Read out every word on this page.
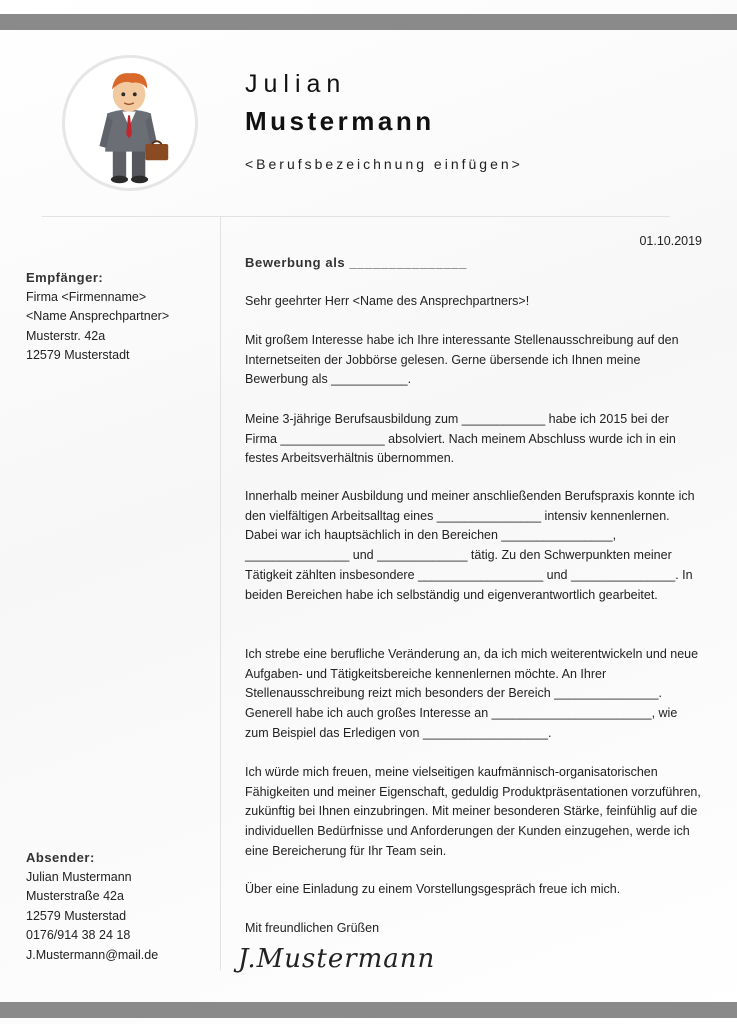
Julian
Mustermann
<Berufsbezeichnung einfügen>
Empfänger:
Firma <Firmenname>
<Name Ansprechpartner>
Musterstr. 42a
12579 Musterstadt
Absender:
Julian Mustermann
Musterstraße 42a
12579 Musterstad
0176/914 38 24 18
J.Mustermann@mail.de
01.10.2019
Bewerbung als _______________
Sehr geehrter Herr <Name des Ansprechpartners>!
Mit großem Interesse habe ich Ihre interessante Stellenausschreibung auf den Internetseiten der Jobbörse gelesen. Gerne übersende ich Ihnen meine Bewerbung als ___________.
Meine 3-jährige Berufsausbildung zum ____________ habe ich 2015 bei der Firma _______________ absolviert. Nach meinem Abschluss wurde ich in ein festes Arbeitsverhältnis übernommen.
Innerhalb meiner Ausbildung und meiner anschließenden Berufspraxis konnte ich den vielfältigen Arbeitsalltag eines _______________ intensiv kennenlernen. Dabei war ich hauptsächlich in den Bereichen ________________, _______________ und _____________ tätig. Zu den Schwerpunkten meiner Tätigkeit zählten insbesondere __________________ und _______________. In beiden Bereichen habe ich selbständig und eigenverantwortlich gearbeitet.
Ich strebe eine berufliche Veränderung an, da ich mich weiterentwickeln und neue Aufgaben- und Tätigkeitsbereiche kennenlernen möchte. An Ihrer Stellenausschreibung reizt mich besonders der Bereich _______________. Generell habe ich auch großes Interesse an _______________________, wie zum Beispiel das Erledigen von __________________.
Ich würde mich freuen, meine vielseitigen kaufmännisch-organisatorischen Fähigkeiten und meiner Eigenschaft, geduldig Produktpräsentationen vorzuführen, zukünftig bei Ihnen einzubringen. Mit meiner besonderen Stärke, feinfühlig auf die individuellen Bedürfnisse und Anforderungen der Kunden einzugehen, werde ich eine Bereicherung für Ihr Team sein.
Über eine Einladung zu einem Vorstellungsgespräch freue ich mich.
Mit freundlichen Grüßen
J.Mustermann
